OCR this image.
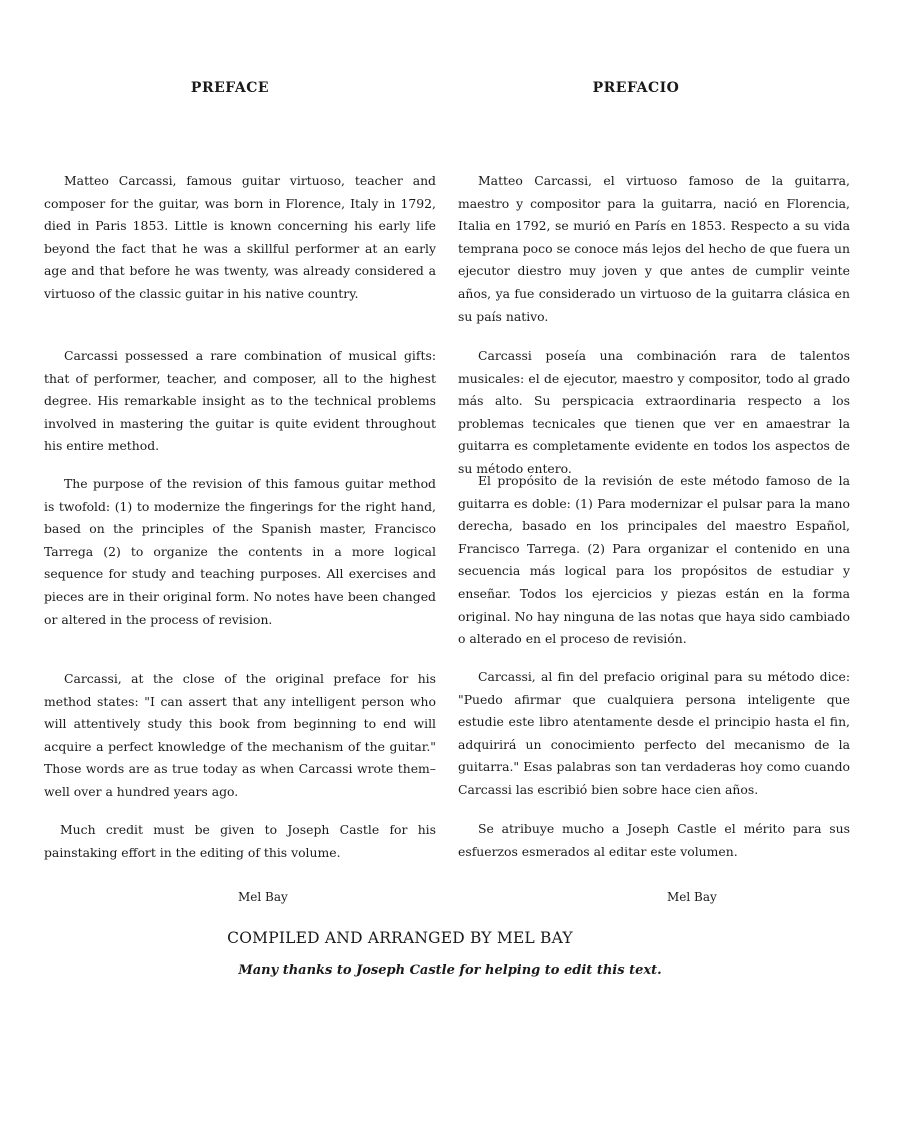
PREFACE	PREFACIO

Matteo Carcassi, famous guitar virtuoso, teacher and composer for the guitar, was born in Florence, Italy in 1792, died in Paris 1853. Little is known concerning his early life beyond the fact that he was a skillful performer at an early age and that before he was twenty, was already considered a virtuoso of the classic guitar in his native country.

Carcassi possessed a rare combination of musical gifts: that of performer, teacher, and composer, all to the highest degree. His remarkable insight as to the technical problems involved in mastering the guitar is quite evident throughout his entire method.

The purpose of the revision of this famous guitar method is twofold: (1) to modernize the fingerings for the right hand, based on the principles of the Spanish master, Francisco Tarrega (2) to organize the contents in a more logical sequence for study and teaching purposes. All exercises and pieces are in their original form. No notes have been changed or altered in the process of revision.

Carcassi, at the close of the original preface for his method states: "I can assert that any intelligent person who will attentively study this book from beginning to end will acquire a perfect knowledge of the mechanism of the guitar." Those words are as true today as when Carcassi wrote them–well over a hundred years ago.

Much credit must be given to Joseph Castle for his painstaking effort in the editing of this volume.

Matteo Carcassi, el virtuoso famoso de la guitarra, maestro y compositor para la guitarra, nació en Florencia, Italia en 1792, se murió en París en 1853. Respecto a su vida temprana poco se conoce más lejos del hecho de que fuera un ejecutor diestro muy joven y que antes de cumplir veinte años, ya fue considerado un virtuoso de la guitarra clásica en su país nativo.

Carcassi poseía una combinación rara de talentos musicales: el de ejecutor, maestro y compositor, todo al grado más alto. Su perspicacia extraordinaria respecto a los problemas tecnicales que tienen que ver en amaestrar la guitarra es completamente evidente en todos los aspectos de su método entero.

El propósito de la revisión de este método famoso de la guitarra es doble: (1) Para modernizar el pulsar para la mano derecha, basado en los principales del maestro Español, Francisco Tarrega. (2) Para organizar el contenido en una secuencia más logical para los propósitos de estudiar y enseñar. Todos los ejercicios y piezas están en la forma original. No hay ninguna de las notas que haya sido cambiado o alterado en el proceso de revisión.

Carcassi, al fin del prefacio original para su método dice: "Puedo afirmar que cualquiera persona inteligente que estudie este libro atentamente desde el principio hasta el fin, adquirirá un conocimiento perfecto del mecanismo de la guitarra." Esas palabras son tan verdaderas hoy como cuando Carcassi las escribió bien sobre hace cien años.

Se atribuye mucho a Joseph Castle el mérito para sus esfuerzos esmerados al editar este volumen.

Mel Bay	Mel Bay
COMPILED AND ARRANGED BY MEL BAY
Many thanks to Joseph Castle for helping to edit this text.
